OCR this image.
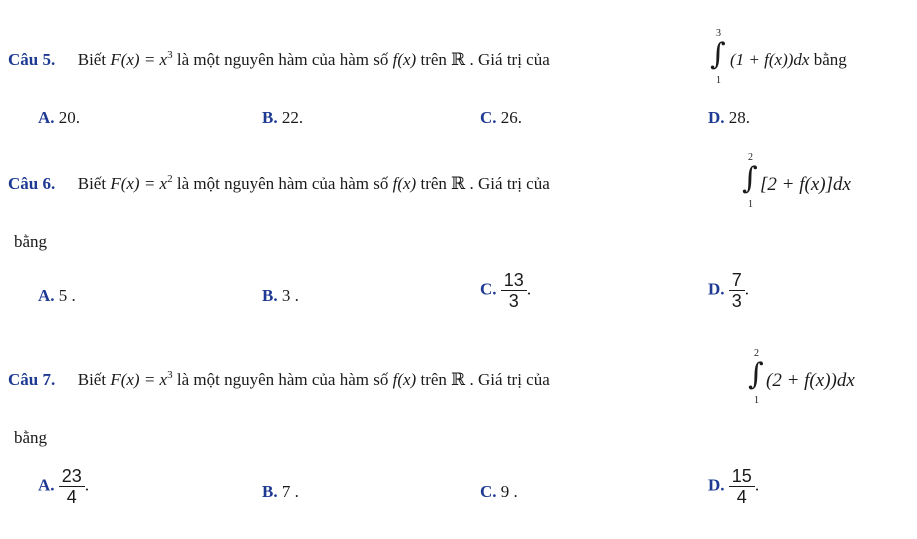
Câu 5. Biết $F(x) = x^3$ là một nguyên hàm của hàm số f(x) trên ℝ . Giá trị của
3
∫
1
(1 + f(x))dx bằng
A. 20.	B. 22.	C. 26.	D. 28.
Câu 6. Biết $F(x) = x^2$ là một nguyên hàm của hàm số f(x) trên ℝ . Giá trị của
2
∫
1
[2 + f(x)]dx
bằng
A. 5 .	B. 3 .	C. $\frac{13}{3}$ .	D. $\frac{7}{3}$ .
Câu 7. Biết $F(x) = x^3$ là một nguyên hàm của hàm số f(x) trên ℝ . Giá trị của
2
∫
1
(2 + f(x))dx
bằng
A. $\frac{23}{4}$ .	B. 7 .	C. 9 .	D. $\frac{15}{4}$ .
